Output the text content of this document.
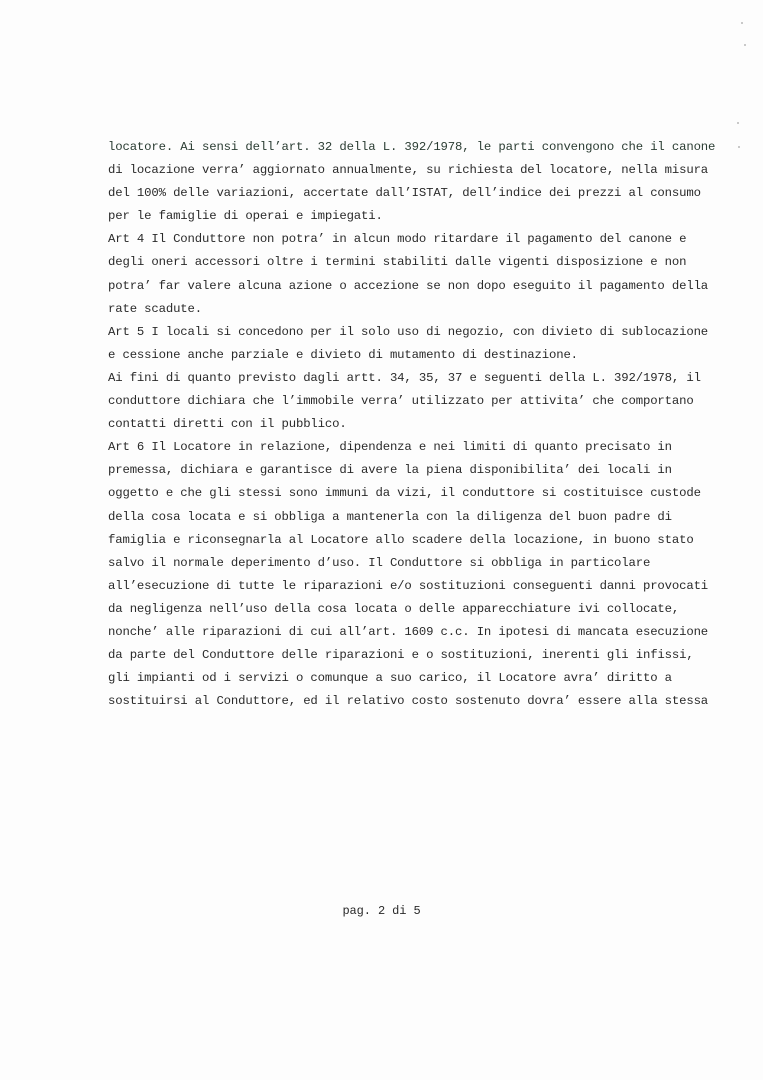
locatore. Ai sensi dell’art. 32 della L. 392/1978, le parti convengono che il canone
di locazione verra’ aggiornato annualmente, su richiesta del locatore, nella misura
del 100% delle variazioni, accertate dall’ISTAT, dell’indice dei prezzi al consumo
per le famiglie di operai e impiegati.
Art 4 Il Conduttore non potra’ in alcun modo ritardare il pagamento del canone e
degli oneri accessori oltre i termini stabiliti dalle vigenti disposizione e non
potra’ far valere alcuna azione o accezione se non dopo eseguito il pagamento della
rate scadute.
Art 5 I locali si concedono per il solo uso di negozio, con divieto di sublocazione
e cessione anche parziale e divieto di mutamento di destinazione.
Ai fini di quanto previsto dagli artt. 34, 35, 37 e seguenti della L. 392/1978, il
conduttore dichiara che l’immobile verra’ utilizzato per attivita’ che comportano
contatti diretti con il pubblico.
Art 6 Il Locatore in relazione, dipendenza e nei limiti di quanto precisato in
premessa, dichiara e garantisce di avere la piena disponibilita’ dei locali in
oggetto e che gli stessi sono immuni da vizi, il conduttore si costituisce custode
della cosa locata e si obbliga a mantenerla con la diligenza del buon padre di
famiglia e riconsegnarla al Locatore allo scadere della locazione, in buono stato
salvo il normale deperimento d’uso. Il Conduttore si obbliga in particolare
all’esecuzione di tutte le riparazioni e/o sostituzioni conseguenti danni provocati
da negligenza nell’uso della cosa locata o delle apparecchiature ivi collocate,
nonche’ alle riparazioni di cui all’art. 1609 c.c. In ipotesi di mancata esecuzione
da parte del Conduttore delle riparazioni e o sostituzioni, inerenti gli infissi,
gli impianti od i servizi o comunque a suo carico, il Locatore avra’ diritto a
sostituirsi al Conduttore, ed il relativo costo sostenuto dovra’ essere alla stessa
pag. 2 di 5
